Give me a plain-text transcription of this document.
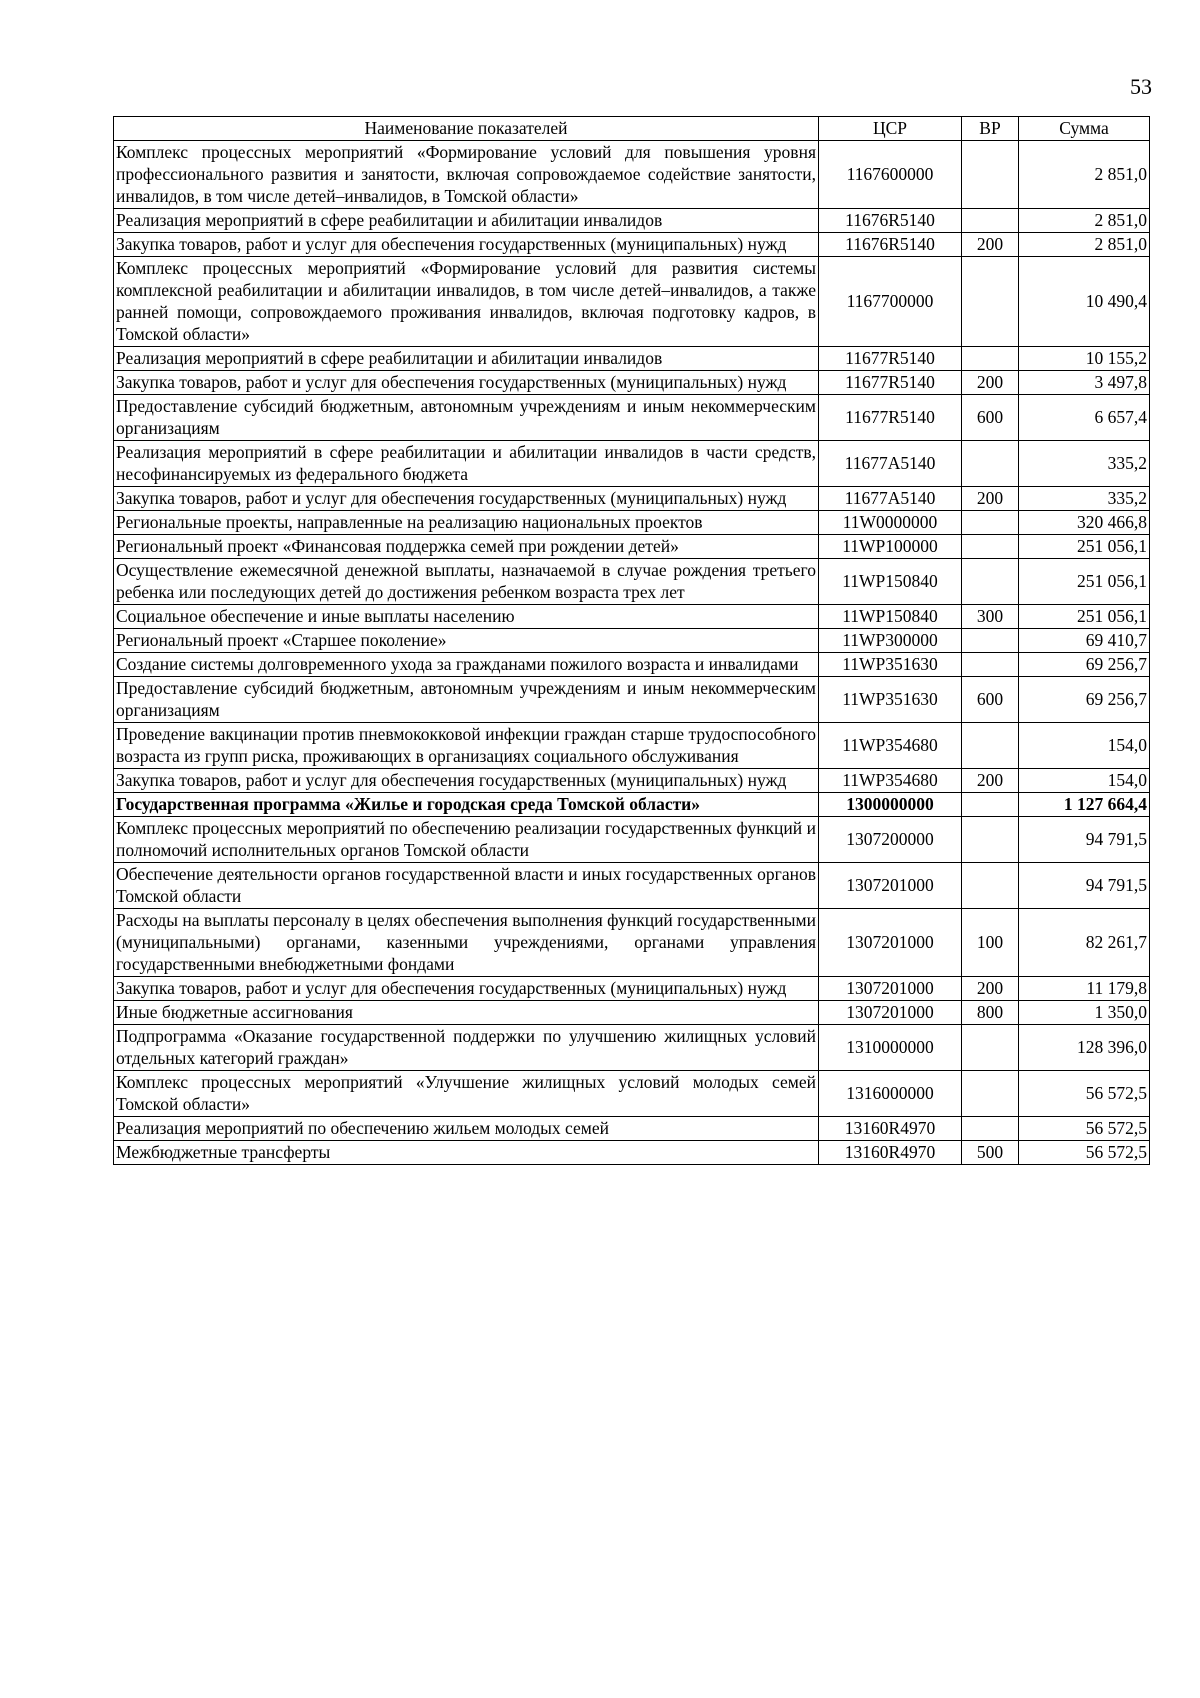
53
Наименование показателей	ЦСР	ВР	Сумма
Комплекс процессных мероприятий «Формирование условий для повышения уровня профессионального развития и занятости, включая сопровождаемое содействие занятости, инвалидов, в том числе детей–инвалидов, в Томской области»	1167600000		2 851,0
Реализация мероприятий в сфере реабилитации и абилитации инвалидов	11676R5140		2 851,0
Закупка товаров, работ и услуг для обеспечения государственных (муниципальных) нужд	11676R5140	200	2 851,0
Комплекс процессных мероприятий «Формирование условий для развития системы комплексной реабилитации и абилитации инвалидов, в том числе детей–инвалидов, а также ранней помощи, сопровождаемого проживания инвалидов, включая подготовку кадров, в Томской области»	1167700000		10 490,4
Реализация мероприятий в сфере реабилитации и абилитации инвалидов	11677R5140		10 155,2
Закупка товаров, работ и услуг для обеспечения государственных (муниципальных) нужд	11677R5140	200	3 497,8
Предоставление субсидий бюджетным, автономным учреждениям и иным некоммерческим организациям	11677R5140	600	6 657,4
Реализация мероприятий в сфере реабилитации и абилитации инвалидов в части средств, несофинансируемых из федерального бюджета	11677A5140		335,2
Закупка товаров, работ и услуг для обеспечения государственных (муниципальных) нужд	11677A5140	200	335,2
Региональные проекты, направленные на реализацию национальных проектов	11W0000000		320 466,8
Региональный проект «Финансовая поддержка семей при рождении детей»	11WP100000		251 056,1
Осуществление ежемесячной денежной выплаты, назначаемой в случае рождения третьего ребенка или последующих детей до достижения ребенком возраста трех лет	11WP150840		251 056,1
Социальное обеспечение и иные выплаты населению	11WP150840	300	251 056,1
Региональный проект «Старшее поколение»	11WP300000		69 410,7
Создание системы долговременного ухода за гражданами пожилого возраста и инвалидами	11WP351630		69 256,7
Предоставление субсидий бюджетным, автономным учреждениям и иным некоммерческим организациям	11WP351630	600	69 256,7
Проведение вакцинации против пневмококковой инфекции граждан старше трудоспособного возраста из групп риска, проживающих в организациях социального обслуживания	11WP354680		154,0
Закупка товаров, работ и услуг для обеспечения государственных (муниципальных) нужд	11WP354680	200	154,0
Государственная программа «Жилье и городская среда Томской области»	1300000000		1 127 664,4
Комплекс процессных мероприятий по обеспечению реализации государственных функций и полномочий исполнительных органов Томской области	1307200000		94 791,5
Обеспечение деятельности органов государственной власти и иных государственных органов Томской области	1307201000		94 791,5
Расходы на выплаты персоналу в целях обеспечения выполнения функций государственными (муниципальными) органами, казенными учреждениями, органами управления государственными внебюджетными фондами	1307201000	100	82 261,7
Закупка товаров, работ и услуг для обеспечения государственных (муниципальных) нужд	1307201000	200	11 179,8
Иные бюджетные ассигнования	1307201000	800	1 350,0
Подпрограмма «Оказание государственной поддержки по улучшению жилищных условий отдельных категорий граждан»	1310000000		128 396,0
Комплекс процессных мероприятий «Улучшение жилищных условий молодых семей Томской области»	1316000000		56 572,5
Реализация мероприятий по обеспечению жильем молодых семей	13160R4970		56 572,5
Межбюджетные трансферты	13160R4970	500	56 572,5
